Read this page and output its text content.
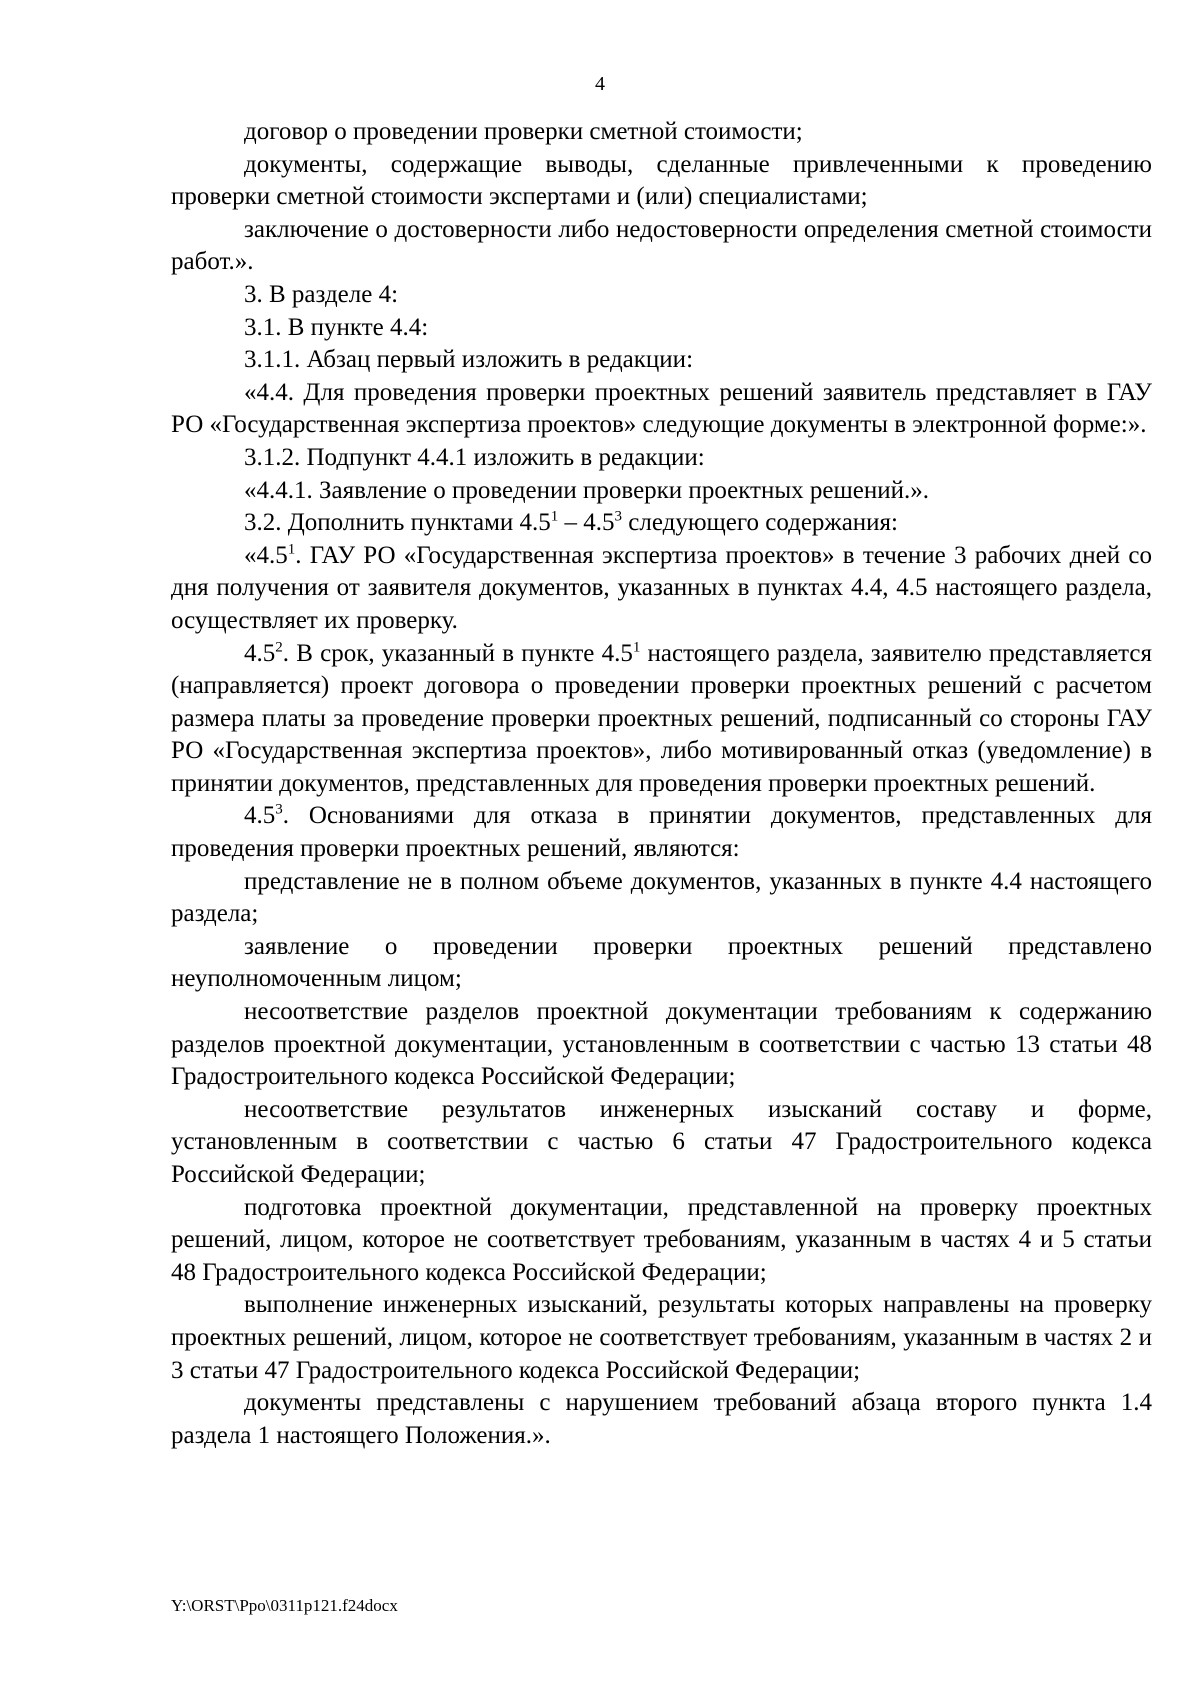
4

договор о проведении проверки сметной стоимости;

документы, содержащие выводы, сделанные привлеченными к проведению проверки сметной стоимости экспертами и (или) специалистами;

заключение о достоверности либо недостоверности определения сметной стоимости работ.».

3. В разделе 4:

3.1. В пункте 4.4:

3.1.1. Абзац первый изложить в редакции:

«4.4. Для проведения проверки проектных решений заявитель представляет в ГАУ РО «Государственная экспертиза проектов» следующие документы в электронной форме:».

3.1.2. Подпункт 4.4.1 изложить в редакции:

«4.4.1. Заявление о проведении проверки проектных решений.».

3.2. Дополнить пунктами $4.5^1 - 4.5^3$ следующего содержания:

«$4.5^1$. ГАУ РО «Государственная экспертиза проектов» в течение 3 рабочих дней со дня получения от заявителя документов, указанных в пунктах 4.4, 4.5 настоящего раздела, осуществляет их проверку.

$4.5^2$. В срок, указанный в пункте $4.5^1$ настоящего раздела, заявителю представляется (направляется) проект договора о проведении проверки проектных решений с расчетом размера платы за проведение проверки проектных решений, подписанный со стороны ГАУ РО «Государственная экспертиза проектов», либо мотивированный отказ (уведомление) в принятии документов, представленных для проведения проверки проектных решений.

$4.5^3$. Основаниями для отказа в принятии документов, представленных для проведения проверки проектных решений, являются:

представление не в полном объеме документов, указанных в пункте 4.4 настоящего раздела;

заявление о проведении проверки проектных решений представлено неуполномоченным лицом;

несоответствие разделов проектной документации требованиям к содержанию разделов проектной документации, установленным в соответствии с частью 13 статьи 48 Градостроительного кодекса Российской Федерации;

несоответствие результатов инженерных изысканий составу и форме, установленным в соответствии с частью 6 статьи 47 Градостроительного кодекса Российской Федерации;

подготовка проектной документации, представленной на проверку проектных решений, лицом, которое не соответствует требованиям, указанным в частях 4 и 5 статьи 48 Градостроительного кодекса Российской Федерации;

выполнение инженерных изысканий, результаты которых направлены на проверку проектных решений, лицом, которое не соответствует требованиям, указанным в частях 2 и 3 статьи 47 Градостроительного кодекса Российской Федерации;

документы представлены с нарушением требований абзаца второго пункта 1.4 раздела 1 настоящего Положения.».

Y:\ORST\Ppo\0311p121.f24docx
